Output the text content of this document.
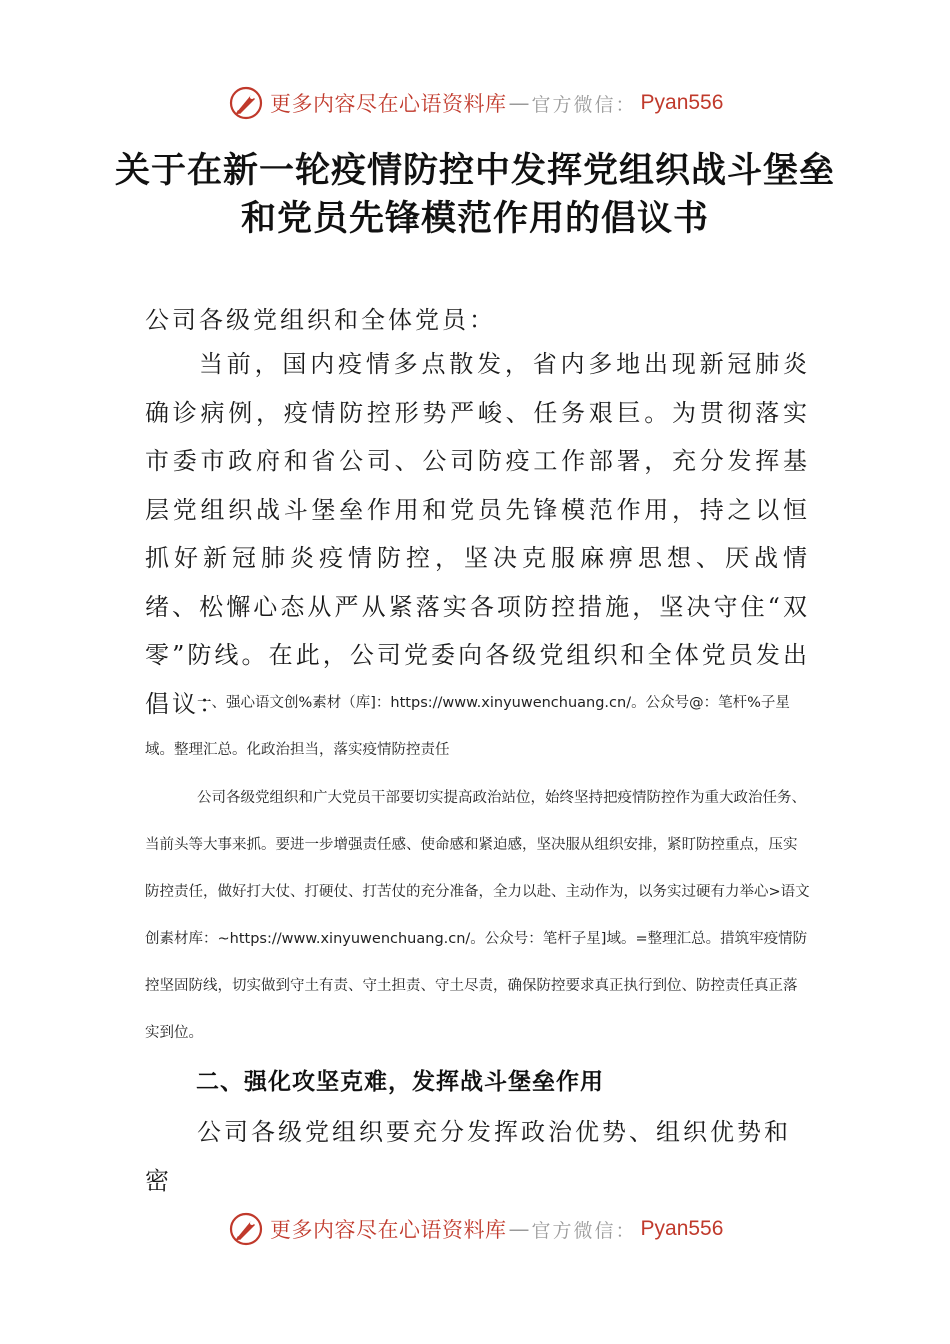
更多内容尽在心语资料库 — 官方微信： Pyan556
关于在新一轮疫情防控中发挥党组织战斗堡垒和党员先锋模范作用的倡议书
公司各级党组织和全体党员：
当前，国内疫情多点散发，省内多地出现新冠肺炎确诊病例，疫情防控形势严峻、任务艰巨。为贯彻落实市委市政府和省公司、公司防疫工作部署，充分发挥基层党组织战斗堡垒作用和党员先锋模范作用，持之以恒抓好新冠肺炎疫情防控，坚决克服麻痹思想、厌战情绪、松懈心态从严从紧落实各项防控措施，坚决守住“双零”防线。在此，公司党委向各级党组织和全体党员发出倡议：

一、强心语文创%素材（库]：https://www.xinyuwenchuang.cn/。公众号@：笔杆%子星域。整理汇总。化政治担当，落实疫情防控责任

公司各级党组织和广大党员干部要切实提高政治站位，始终坚持把疫情防控作为重大政治任务、当前头等大事来抓。要进一步增强责任感、使命感和紧迫感，坚决服从组织安排，紧盯防控重点，压实防控责任，做好打大仗、打硬仗、打苦仗的充分准备，全力以赴、主动作为，以务实过硬有力举心>语文创素材库：~https://www.xinyuwenchuang.cn/。公众号：笔杆子星]域。=整理汇总。措筑牢疫情防控坚固防线，切实做到守土有责、守土担责、守土尽责，确保防控要求真正执行到位、防控责任真正落实到位。

二、强化攻坚克难，发挥战斗堡垒作用
公司各级党组织要充分发挥政治优势、组织优势和密
更多内容尽在心语资料库 — 官方微信： Pyan556
